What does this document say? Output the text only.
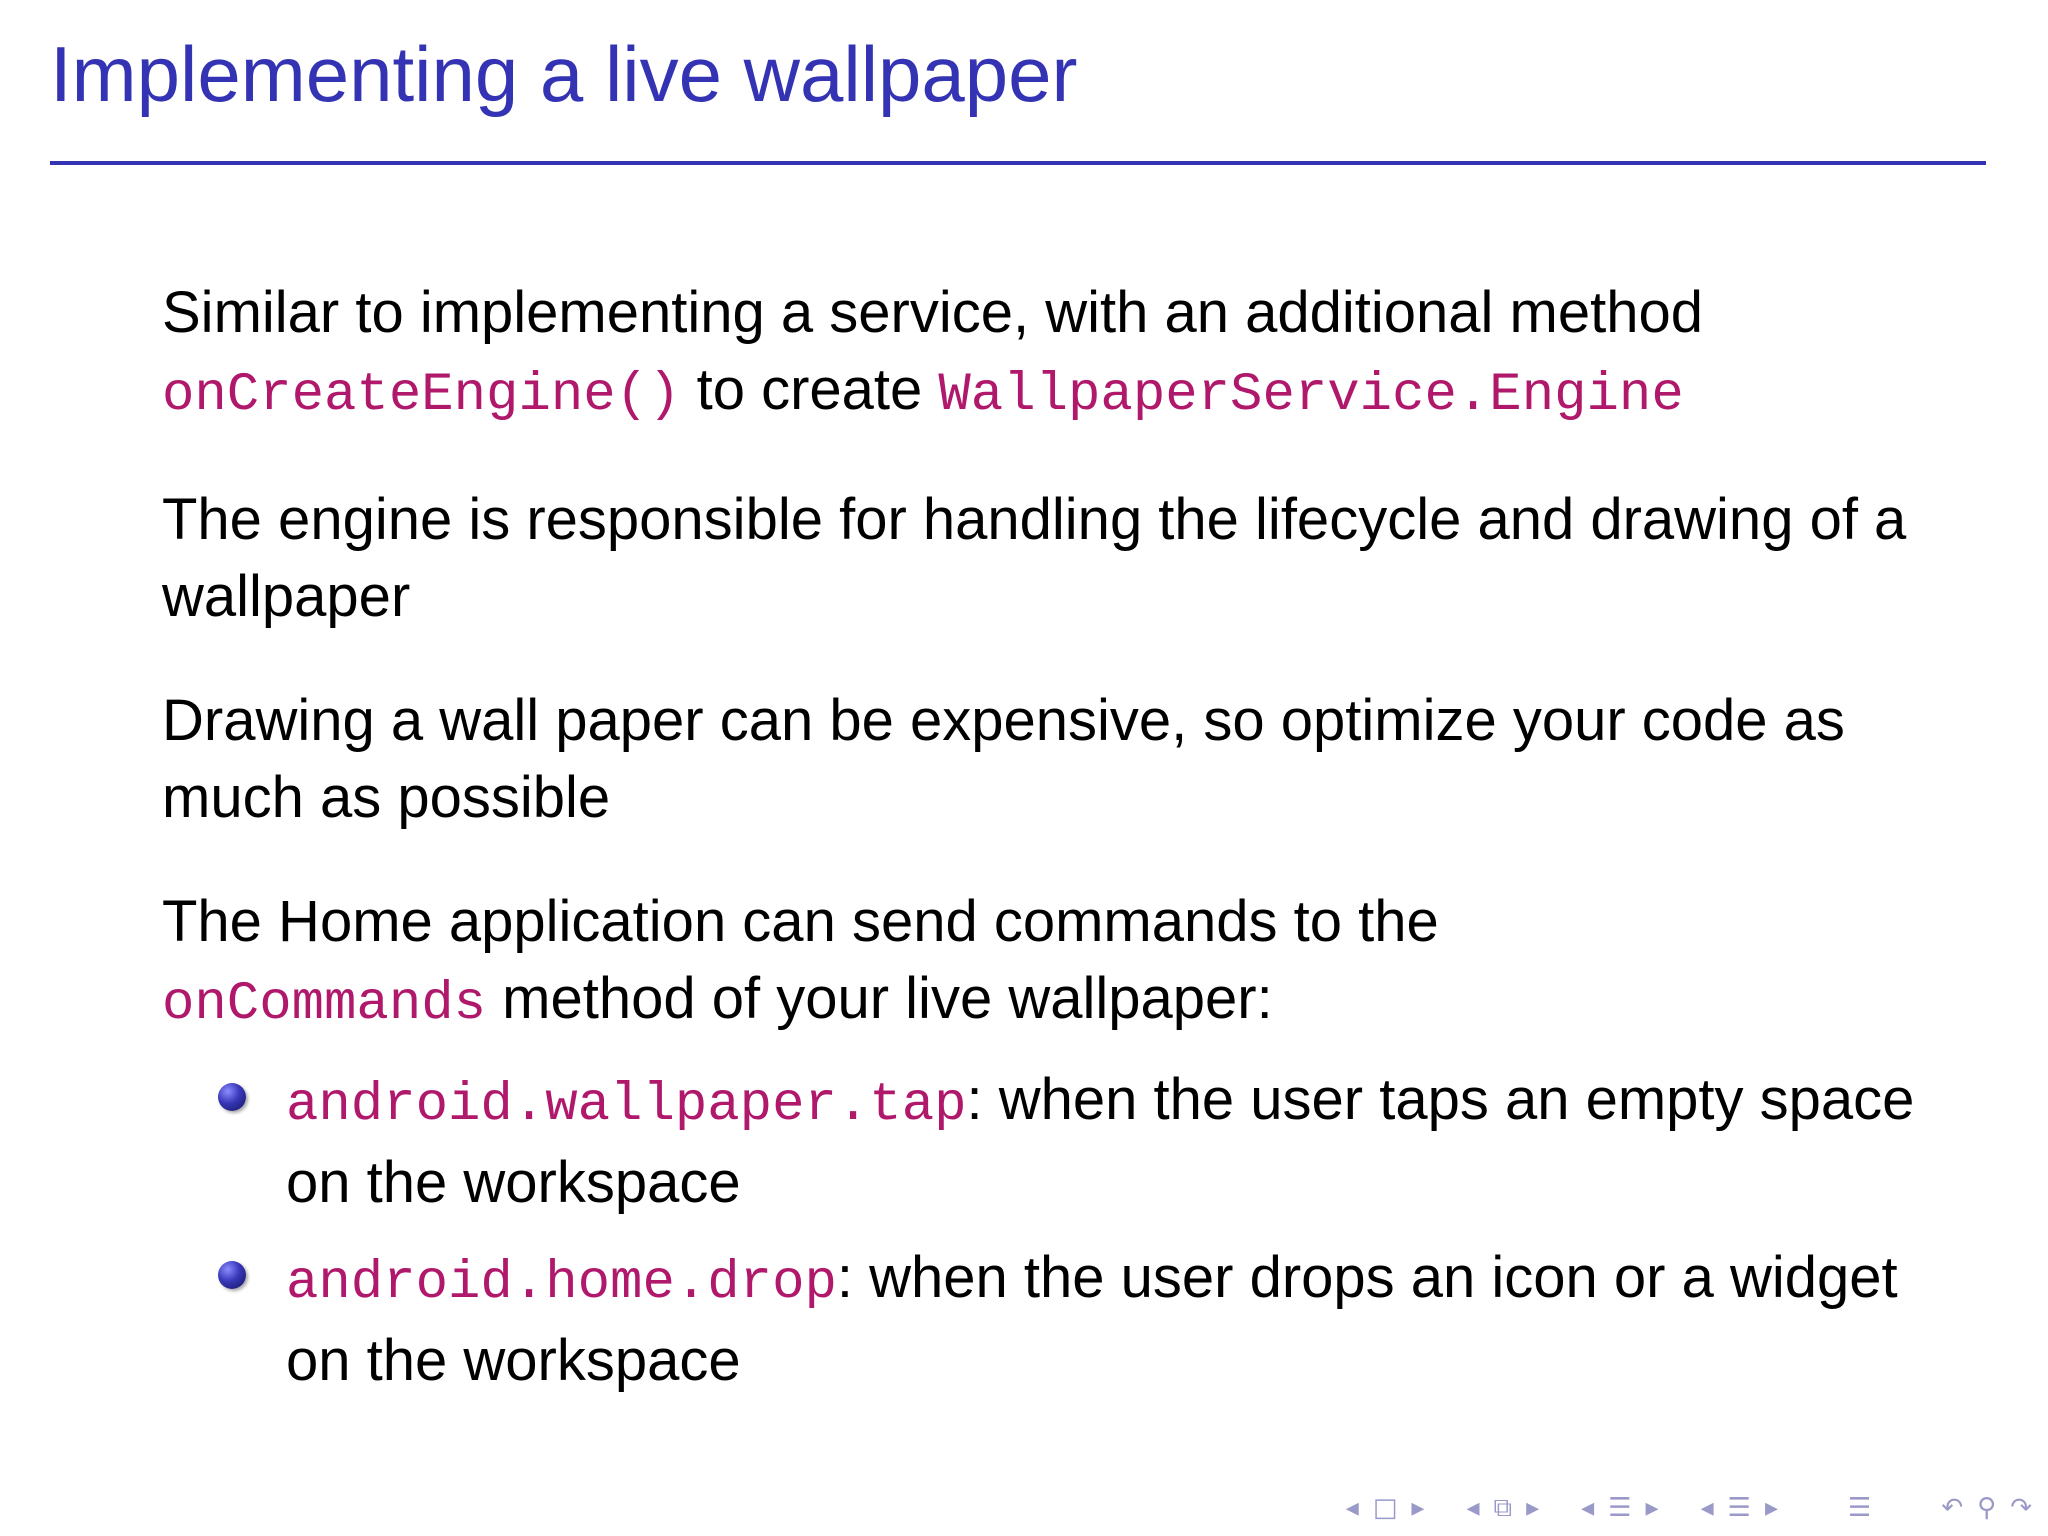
Implementing a live wallpaper

Similar to implementing a service, with an additional method
onCreateEngine() to create WallpaperService.Engine

The engine is responsible for handling the lifecycle and drawing of a wallpaper

Drawing a wall paper can be expensive, so optimize your code as much as possible

The Home application can send commands to the
onCommands method of your live wallpaper:

android.wallpaper.tap: when the user taps an empty space on the workspace
android.home.drop: when the user drops an icon or a widget on the workspace
◂ □ ▸ ◂ ⧉ ▸ ◂ ☰ ▸ ◂ ☰ ▸	☰	↶ ⚲ ↷
